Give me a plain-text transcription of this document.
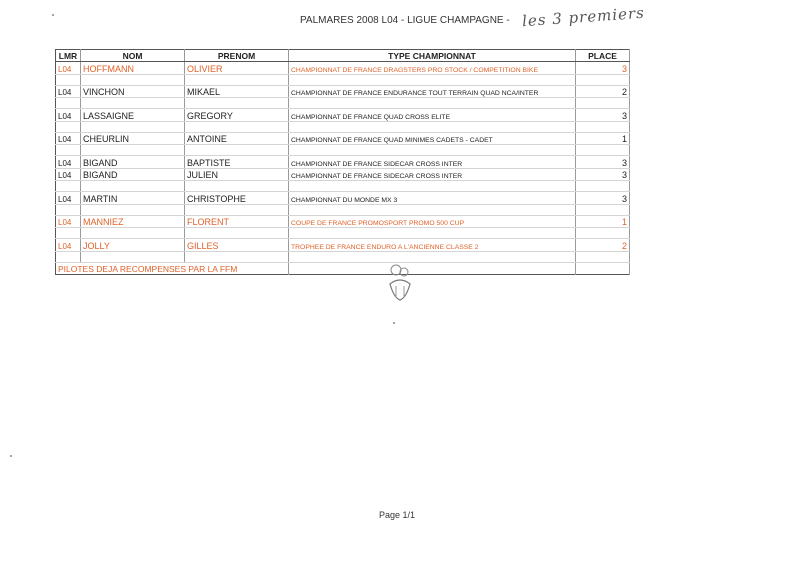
PALMARES 2008 L04 - LIGUE CHAMPAGNE - les 3 premiers
LMR	NOM	PRENOM	TYPE CHAMPIONNAT	PLACE
L04	HOFFMANN	OLIVIER	CHAMPIONNAT DE FRANCE DRAGSTERS PRO STOCK / COMPETITION BIKE	3

L04	VINCHON	MIKAEL	CHAMPIONNAT DE FRANCE ENDURANCE TOUT TERRAIN QUAD NCA/INTER	2

L04	LASSAIGNE	GREGORY	CHAMPIONNAT DE FRANCE QUAD CROSS ELITE	3

L04	CHEURLIN	ANTOINE	CHAMPIONNAT DE FRANCE QUAD MINIMES CADETS - CADET	1

L04	BIGAND	BAPTISTE	CHAMPIONNAT DE FRANCE SIDECAR CROSS INTER	3
L04	BIGAND	JULIEN	CHAMPIONNAT DE FRANCE SIDECAR CROSS INTER	3

L04	MARTIN	CHRISTOPHE	CHAMPIONNAT DU MONDE MX 3	3

L04	MANNIEZ	FLORENT	COUPE DE FRANCE PROMOSPORT PROMO 500 CUP	1

L04	JOLLY	GILLES	TROPHEE DE FRANCE ENDURO A L'ANCIENNE CLASSE 2	2

PILOTES DEJA RECOMPENSES PAR LA FFM				
Page 1/1
